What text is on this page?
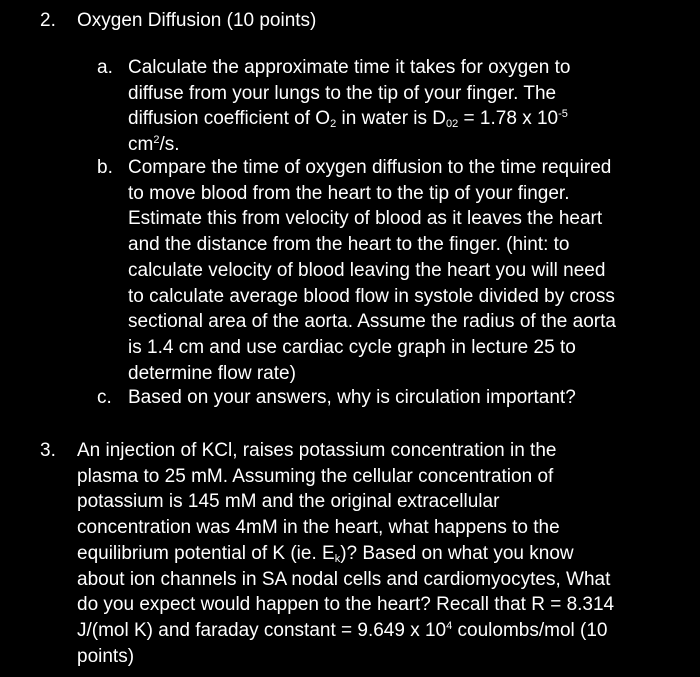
2. Oxygen Diffusion (10 points)
a. Calculate the approximate time it takes for oxygen to
diffuse from your lungs to the tip of your finger. The
diffusion coefficient of $O_2$ in water is $D_{02} = 1.78$ x $10^{-5}$
$cm^2/s$.
b. Compare the time of oxygen diffusion to the time required
to move blood from the heart to the tip of your finger.
Estimate this from velocity of blood as it leaves the heart
and the distance from the heart to the finger. (hint: to
calculate velocity of blood leaving the heart you will need
to calculate average blood flow in systole divided by cross
sectional area of the aorta. Assume the radius of the aorta
is 1.4 cm and use cardiac cycle graph in lecture 25 to
determine flow rate)
c. Based on your answers, why is circulation important?
3. An injection of KCl, raises potassium concentration in the
plasma to 25 mM. Assuming the cellular concentration of
potassium is 145 mM and the original extracellular
concentration was 4mM in the heart, what happens to the
equilibrium potential of K (ie. $E_k$)? Based on what you know
about ion channels in SA nodal cells and cardiomyocytes, What
do you expect would happen to the heart? Recall that R = 8.314
J/(mol K) and faraday constant = 9.649 x $10^4$ coulombs/mol (10
points)
